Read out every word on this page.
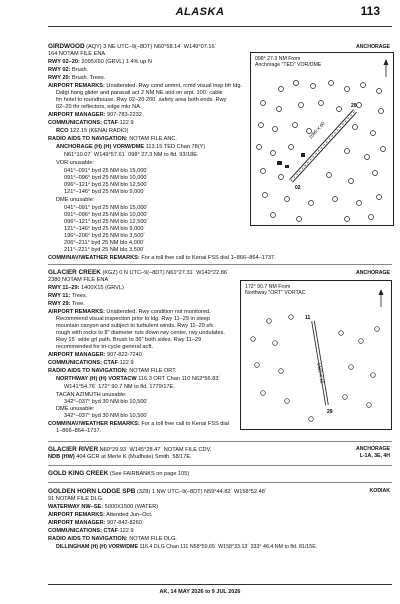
ALASKA	113
ANCHORAGE
GIRDWOOD (AQY) 3 NE UTC–9(–8DT) N60°58.14´ W149°07.16´
164 NOTAM FILE ENA
RWY 02–20: 2095X60 (GRVL) 1.4% up N
RWY 02: Brush.
RWY 20: Brush. Trees.
AIRPORT REMARKS: Unattended. Rwy cond unmnt, rcmd visual insp bfr ldg.
Dalgt hang glider and parasail act 2 NM NE and on arpt. 100´ cable
fm hotel to roundhouse. Rwy 02–20 200´ safety area both ends. Rwy
02–20 thr reflectors, edge mkr NA.
AIRPORT MANAGER: 907-783-2232
COMMUNICATIONS: CTAF 122.9
RCO 122.15 (KENAI RADIO)
RADIO AIDS TO NAVIGATION: NOTAM FILE ANC.
ANCHORAGE (H) (H) VORW/DME 113.15 TED Chan 78(Y)
N61°10.07´ W149°57.61´ 098° 27.3 NM to fld. 93/18E.
VOR unusable:
041°–091° byd 25 NM blo 15,000´
091°–096° byd 25 NM blo 10,000´
096°–121° byd 25 NM blo 12,500´
121°–146° byd 25 NM blo 9,000´
DME unusable:
041°–091° byd 25 NM blo 15,000´
091°–096° byd 25 NM blo 10,000´
096°–121° byd 25 NM blo 12,500´
121°–146° byd 25 NM blo 9,000´
196°–206° byd 25 NM blo 3,500´
206°–211° byd 25 NM blo 4,000´
211°–221° byd 25 NM blo 3,500´
COMM/NAV/WEATHER REMARKS: For a toll free call to Kenai FSS dial 1–866–864–1737.
2095 X 60
02
20
098° 27.3 NM From
Anchorage "TED" VOR/DME
ANCHORAGE
GLACIER CREEK (KGZ) 0 N UTC–9(–8DT) N61°27.31´ W142°22.86´
2380 NOTAM FILE ENA
RWY 11–29: 1400X15 (GRVL)
RWY 11: Trees.
RWY 29: Tree.
AIRPORT REMARKS: Unattended. Rwy condition not monitored.
Recommend visual inspection prior to ldg. Rwy 11–29 in steep
mountain canyon and subject to turbulent winds. Rwy 11–29 sfc
rough with rocks to 8" diameter ruts down rwy center, rwy undulates.
Rwy 15´ wide grl path. Brush to 36" both sides. Rwy 11–29
recommended for tri-cycle general acft.
AIRPORT MANAGER: 907-822-7240
COMMUNICATIONS: CTAF 122.9
RADIO AIDS TO NAVIGATION: NOTAM FILE ORT.
NORTHWAY (H) (H) VORTACW 116.3 ORT Chan 110 N62°56.83´
W141°54.76´ 172° 90.7 NM to fld. 1779/17E.
TACAN AZIMUTH unusable:
342°–037° byd 30 NM blo 10,500´
DME unusable:
342°–037° byd 30 NM blo 10,500´
COMM/NAV/WEATHER REMARKS: For a toll free call to Kenai FSS dial
1–866–864–1737.
1400 X 15
11
29
172° 90.7 NM From
Northway "ORT" VORTAC
ANCHORAGE
L-1A, 3E, 4H
GLACIER RIVER N60°29.93´ W145°28.47´ NOTAM FILE CDV.
NDB (HW) 404 GCR at Merle K (Mudhole) Smith. 58/17E.
GOLD KING CREEK (See FAIRBANKS on page 105)
KODIAK
GOLDEN HORN LODGE SPB (3Z8) 1 NW UTC–9(–8DT) N59°44.82´ W158°52.48´
91 NOTAM FILE DLG
WATERWAY NW–SE: 5000X1500 (WATER)
AIRPORT REMARKS: Attended Jun–Oct.
AIRPORT MANAGER: 907-842-8260
COMMUNICATIONS: CTAF 122.9
RADIO AIDS TO NAVIGATION: NOTAM FILE DLG.
DILLINGHAM (H) (H) VORW/DME 116.4 DLG Chan 111 N58°59.65´ W158°33.13´ 333° 46.4 NM to fld. 81/15E.
AK, 14 MAY 2026 to 9 JUL 2026
